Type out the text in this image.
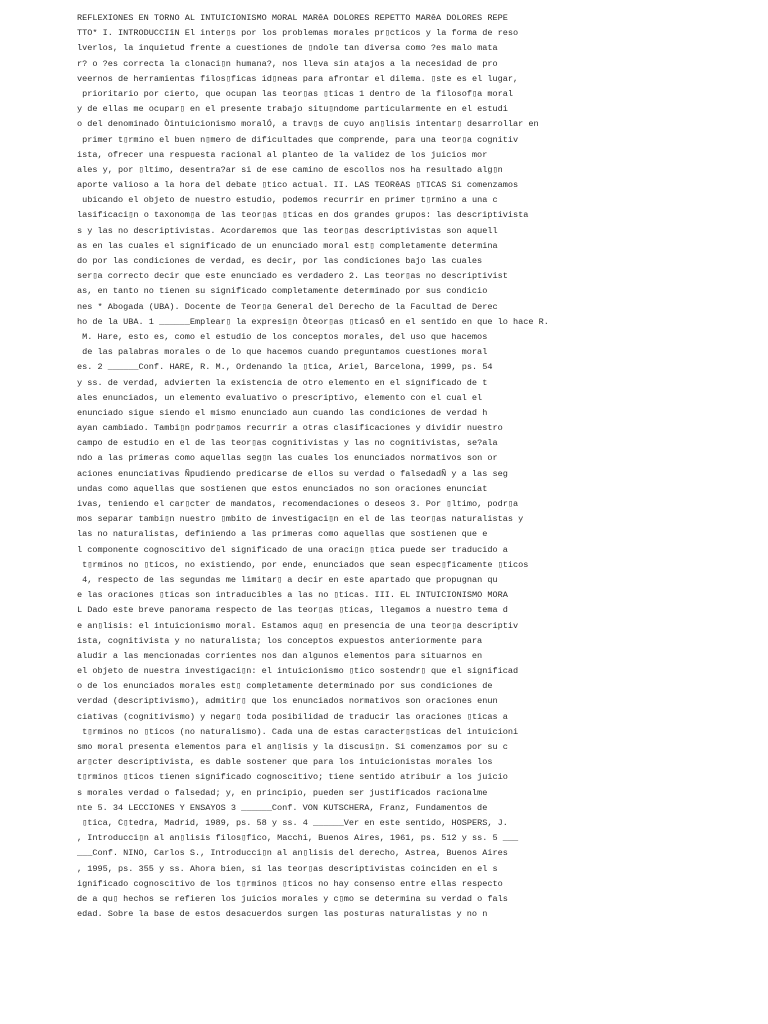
REFLEXIONES EN TORNO AL INTUICIONISMO MORAL MARêA DOLORES REPETTO MARêA DOLORES REPE
TTO* I. INTRODUCCIîN El inter▯s por los problemas morales pr▯cticos y la forma de reso
lverlos, la inquietud frente a cuestiones de ▯ndole tan diversa como ?es malo mata
r? o ?es correcta la clonaci▯n humana?, nos lleva sin atajos a la necesidad de pro
veernos de herramientas filos▯ficas id▯neas para afrontar el dilema. ▯ste es el lugar,
prioritario por cierto, que ocupan las teor▯as ▯ticas 1 dentro de la filosof▯a moral
y de ellas me ocupar▯ en el presente trabajo situ▯ndome particularmente en el estudi
o del denominado Òintuicionismo moralÓ, a trav▯s de cuyo an▯lisis intentar▯ desarrollar en
primer t▯rmino el buen n▯mero de dificultades que comprende, para una teor▯a cognitiv
ista, ofrecer una respuesta racional al planteo de la validez de los juicios mor
ales y, por ▯ltimo, desentra?ar si de ese camino de escollos nos ha resultado alg▯n
aporte valioso a la hora del debate ▯tico actual. II. LAS TEORêAS ▯TICAS Si comenzamos
ubicando el objeto de nuestro estudio, podemos recurrir en primer t▯rmino a una c
lasificaci▯n o taxonom▯a de las teor▯as ▯ticas en dos grandes grupos: las descriptivista
s y las no descriptivistas. Acordaremos que las teor▯as descriptivistas son aquell
as en las cuales el significado de un enunciado moral est▯ completamente determina
do por las condiciones de verdad, es decir, por las condiciones bajo las cuales
ser▯a correcto decir que este enunciado es verdadero 2. Las teor▯as no descriptivist
as, en tanto no tienen su significado completamente determinado por sus condicio
nes * Abogada (UBA). Docente de Teor▯a General del Derecho de la Facultad de Derec
ho de la UBA. 1 ______Emplear▯ la expresi▯n Òteor▯as ▯ticasÓ en el sentido en que lo hace R.
M. Hare, esto es, como el estudio de los conceptos morales, del uso que hacemos
de las palabras morales o de lo que hacemos cuando preguntamos cuestiones moral
es. 2 ______Conf. HARE, R. M., Ordenando la ▯tica, Ariel, Barcelona, 1999, ps. 54
y ss. de verdad, advierten la existencia de otro elemento en el significado de t
ales enunciados, un elemento evaluativo o prescriptivo, elemento con el cual el
enunciado sigue siendo el mismo enunciado aun cuando las condiciones de verdad h
ayan cambiado. Tambi▯n podr▯amos recurrir a otras clasificaciones y dividir nuestro
campo de estudio en el de las teor▯as cognitivistas y las no cognitivistas, se?ala
ndo a las primeras como aquellas seg▯n las cuales los enunciados normativos son or
aciones enunciativas Ñpudiendo predicarse de ellos su verdad o falsedadÑ y a las seg
undas como aquellas que sostienen que estos enunciados no son oraciones enunciat
ivas, teniendo el car▯cter de mandatos, recomendaciones o deseos 3. Por ▯ltimo, podr▯a
mos separar tambi▯n nuestro ▯mbito de investigaci▯n en el de las teor▯as naturalistas y
las no naturalistas, definiendo a las primeras como aquellas que sostienen que e
l componente cognoscitivo del significado de una oraci▯n ▯tica puede ser traducido a
t▯rminos no ▯ticos, no existiendo, por ende, enunciados que sean espec▯ficamente ▯ticos
4, respecto de las segundas me limitar▯ a decir en este apartado que propugnan qu
e las oraciones ▯ticas son intraducibles a las no ▯ticas. III. EL INTUICIONISMO MORA
L Dado este breve panorama respecto de las teor▯as ▯ticas, llegamos a nuestro tema d
e an▯lisis: el intuicionismo moral. Estamos aqu▯ en presencia de una teor▯a descriptiv
ista, cognitivista y no naturalista; los conceptos expuestos anteriormente para
aludir a las mencionadas corrientes nos dan algunos elementos para situarnos en
el objeto de nuestra investigaci▯n: el intuicionismo ▯tico sostendr▯ que el significad
o de los enunciados morales est▯ completamente determinado por sus condiciones de
verdad (descriptivismo), admitir▯ que los enunciados normativos son oraciones enun
ciativas (cognitivismo) y negar▯ toda posibilidad de traducir las oraciones ▯ticas a
t▯rminos no ▯ticos (no naturalismo). Cada una de estas caracter▯sticas del intuicioni
smo moral presenta elementos para el an▯lisis y la discusi▯n. Si comenzamos por su c
ar▯cter descriptivista, es dable sostener que para los intuicionistas morales los
t▯rminos ▯ticos tienen significado cognoscitivo; tiene sentido atribuir a los juicio
s morales verdad o falsedad; y, en principio, pueden ser justificados racionalme
nte 5. 34 LECCIONES Y ENSAYOS 3 ______Conf. VON KUTSCHERA, Franz, Fundamentos de
▯tica, C▯tedra, Madrid, 1989, ps. 58 y ss. 4 ______Ver en este sentido, HOSPERS, J.
, Introducci▯n al an▯lisis filos▯fico, Macchi, Buenos Aires, 1961, ps. 512 y ss. 5 ___
___Conf. NINO, Carlos S., Introducci▯n al an▯lisis del derecho, Astrea, Buenos Aires
, 1995, ps. 355 y ss. Ahora bien, si las teor▯as descriptivistas coinciden en el s
ignificado cognoscitivo de los t▯rminos ▯ticos no hay consenso entre ellas respecto
de a qu▯ hechos se refieren los juicios morales y c▯mo se determina su verdad o fals
edad. Sobre la base de estos desacuerdos surgen las posturas naturalistas y no n
